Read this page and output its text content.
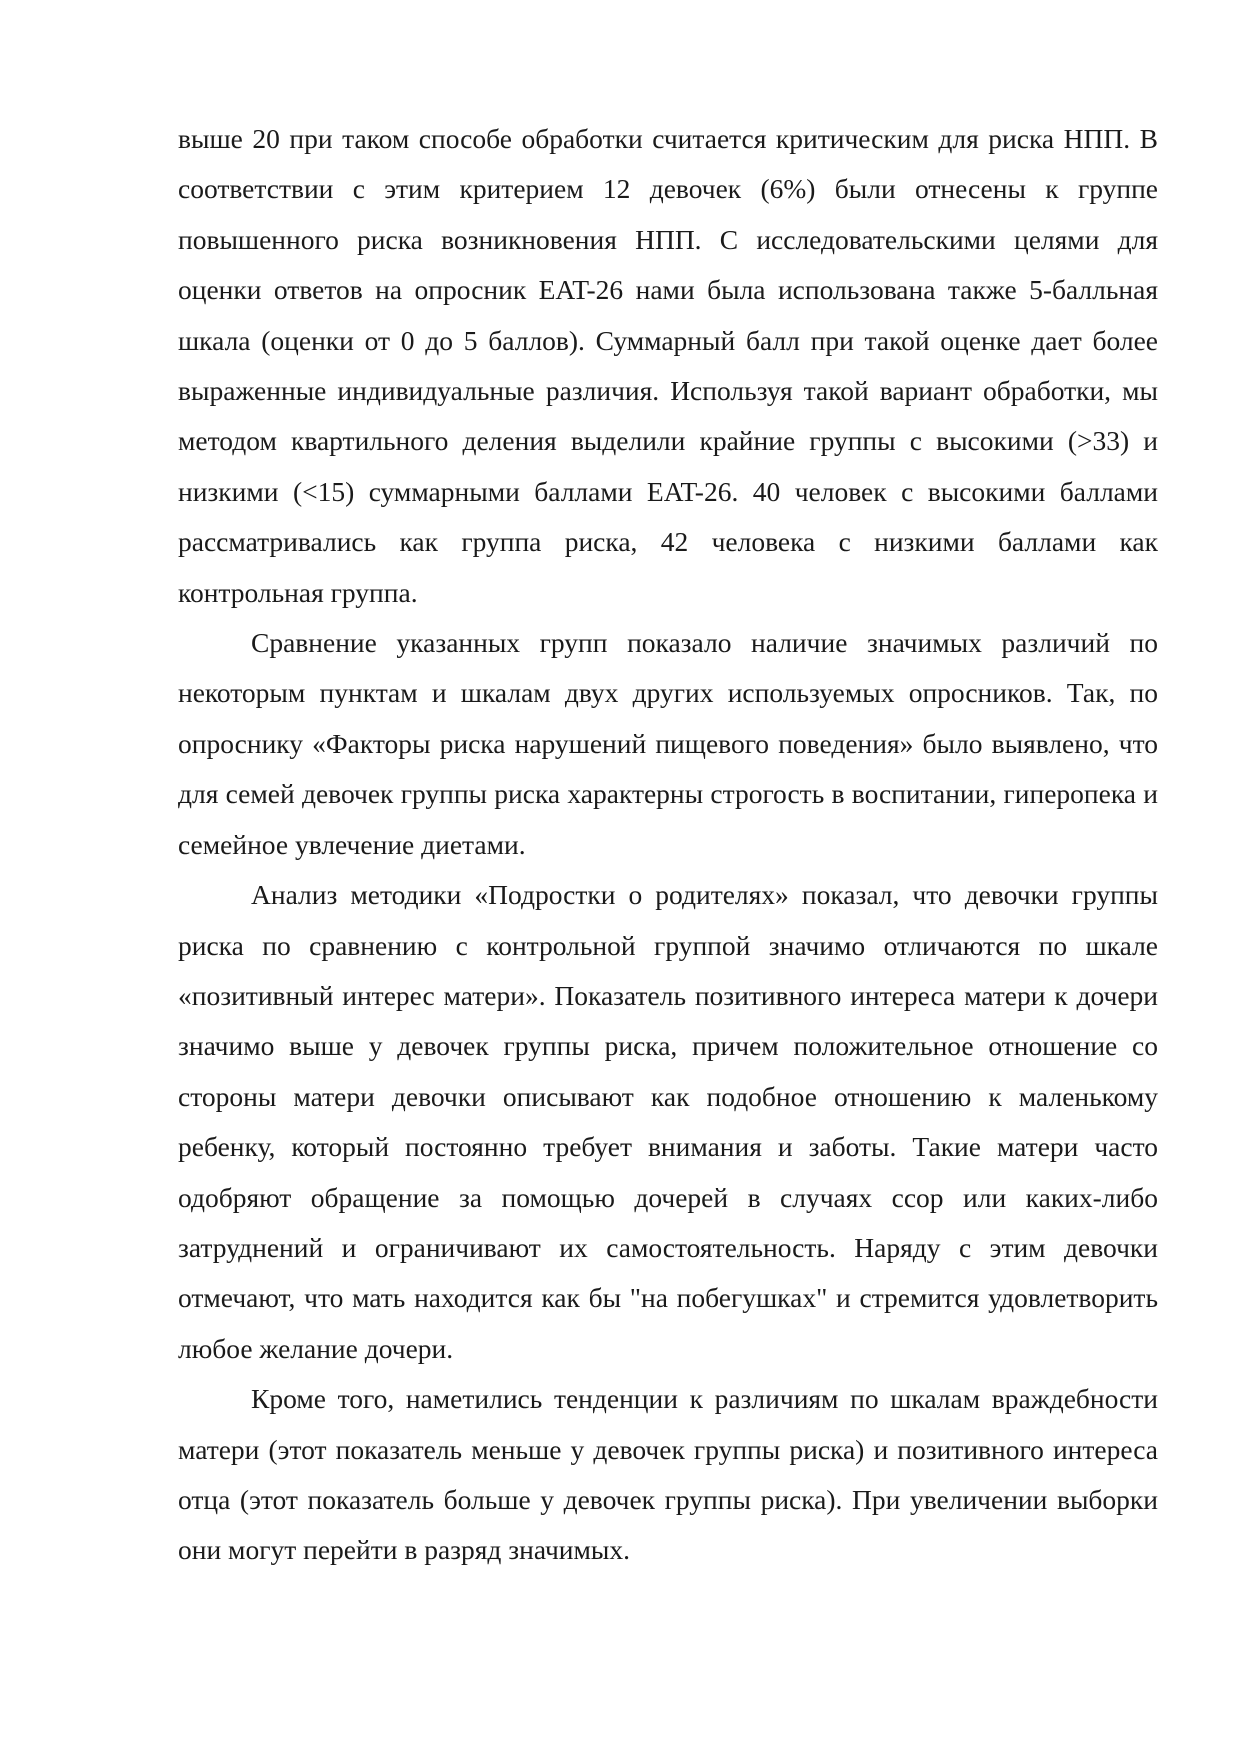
выше 20 при таком способе обработки считается критическим для риска НПП. В соответствии с этим критерием 12 девочек (6%) были отнесены к группе повышенного риска возникновения НПП. С исследовательскими целями для оценки ответов на опросник EAT-26 нами была использована также 5-балльная шкала (оценки от 0 до 5 баллов). Суммарный балл при такой оценке дает более выраженные индивидуальные различия. Используя такой вариант обработки, мы методом квартильного деления выделили крайние группы с высокими (>33) и низкими (<15) суммарными баллами EAT-26. 40 человек с высокими баллами рассматривались как группа риска, 42 человека с низкими баллами как контрольная группа.

Сравнение указанных групп показало наличие значимых различий по некоторым пунктам и шкалам двух других используемых опросников. Так, по опроснику «Факторы риска нарушений пищевого поведения» было выявлено, что для семей девочек группы риска характерны строгость в воспитании, гиперопека и семейное увлечение диетами.

Анализ методики «Подростки о родителях» показал, что девочки группы риска по сравнению с контрольной группой значимо отличаются по шкале «позитивный интерес матери». Показатель позитивного интереса матери к дочери значимо выше у девочек группы риска, причем положительное отношение со стороны матери девочки описывают как подобное отношению к маленькому ребенку, который постоянно требует внимания и заботы. Такие матери часто одобряют обращение за помощью дочерей в случаях ссор или каких-либо затруднений и ограничивают их самостоятельность. Наряду с этим девочки отмечают, что мать находится как бы "на побегушках" и стремится удовлетворить любое желание дочери.

Кроме того, наметились тенденции к различиям по шкалам враждебности матери (этот показатель меньше у девочек группы риска) и позитивного интереса отца (этот показатель больше у девочек группы риска). При увеличении выборки они могут перейти в разряд значимых.
